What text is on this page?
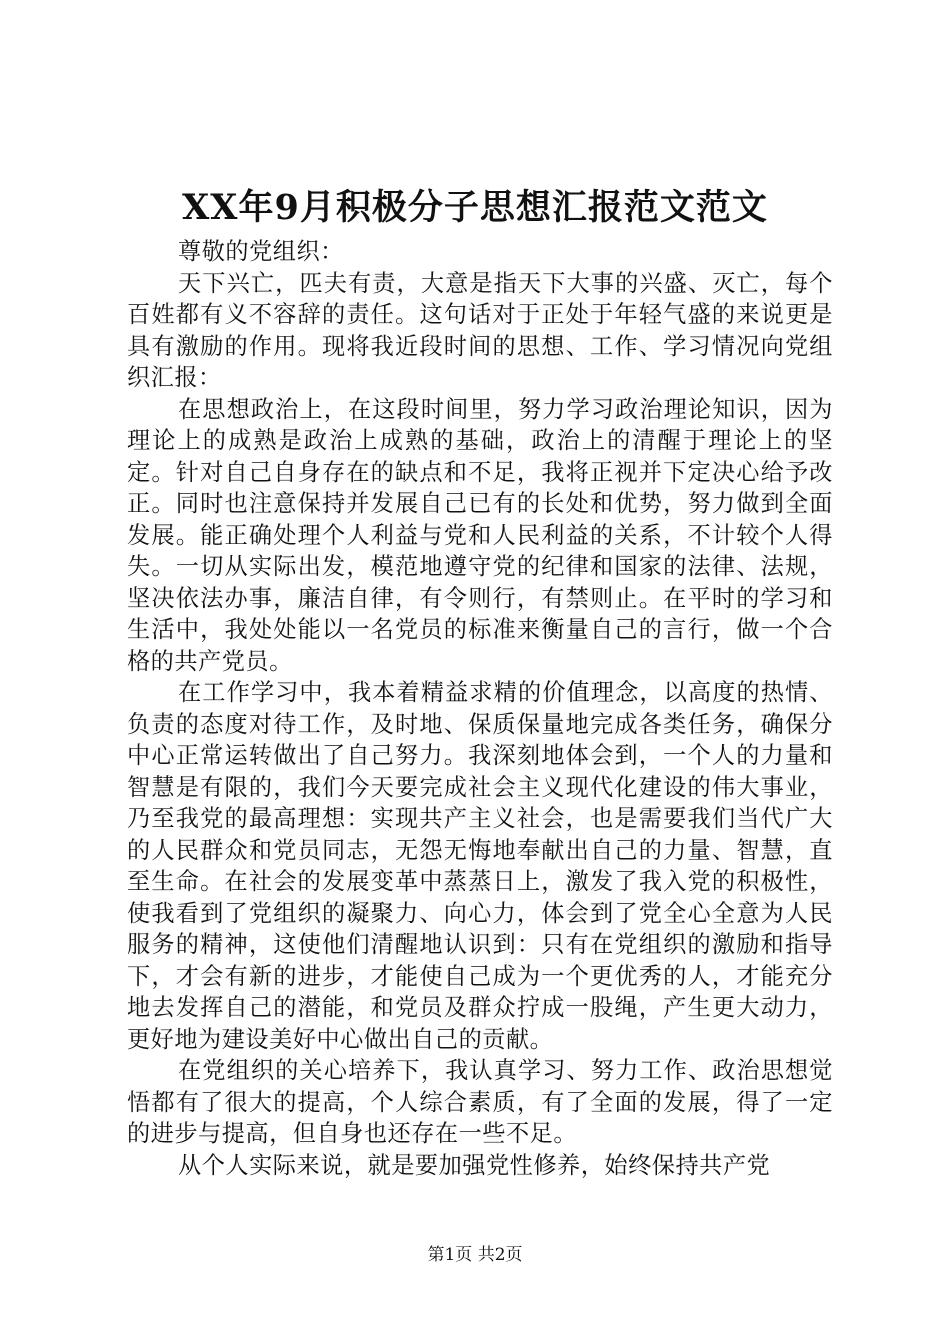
XX年9月积极分子思想汇报范文范文

尊敬的党组织：

天下兴亡，匹夫有责，大意是指天下大事的兴盛、灭亡，每个百姓都有义不容辞的责任。这句话对于正处于年轻气盛的来说更是具有激励的作用。现将我近段时间的思想、工作、学习情况向党组织汇报：

在思想政治上，在这段时间里，努力学习政治理论知识，因为理论上的成熟是政治上成熟的基础，政治上的清醒于理论上的坚定。针对自己自身存在的缺点和不足，我将正视并下定决心给予改正。同时也注意保持并发展自己已有的长处和优势，努力做到全面发展。能正确处理个人利益与党和人民利益的关系，不计较个人得失。一切从实际出发，模范地遵守党的纪律和国家的法律、法规，坚决依法办事，廉洁自律，有令则行，有禁则止。在平时的学习和生活中，我处处能以一名党员的标准来衡量自己的言行，做一个合格的共产党员。

在工作学习中，我本着精益求精的价值理念，以高度的热情、负责的态度对待工作，及时地、保质保量地完成各类任务，确保分中心正常运转做出了自己努力。我深刻地体会到，一个人的力量和智慧是有限的，我们今天要完成社会主义现代化建设的伟大事业，乃至我党的最高理想：实现共产主义社会，也是需要我们当代广大的人民群众和党员同志，无怨无悔地奉献出自己的力量、智慧，直至生命。在社会的发展变革中蒸蒸日上，激发了我入党的积极性，使我看到了党组织的凝聚力、向心力，体会到了党全心全意为人民服务的精神，这使他们清醒地认识到：只有在党组织的激励和指导下，才会有新的进步，才能使自己成为一个更优秀的人，才能充分地去发挥自己的潜能，和党员及群众拧成一股绳，产生更大动力，更好地为建设美好中心做出自己的贡献。

在党组织的关心培养下，我认真学习、努力工作、政治思想觉悟都有了很大的提高，个人综合素质，有了全面的发展，得了一定的进步与提高，但自身也还存在一些不足。

从个人实际来说，就是要加强党性修养，始终保持共产党

第1页 共2页
